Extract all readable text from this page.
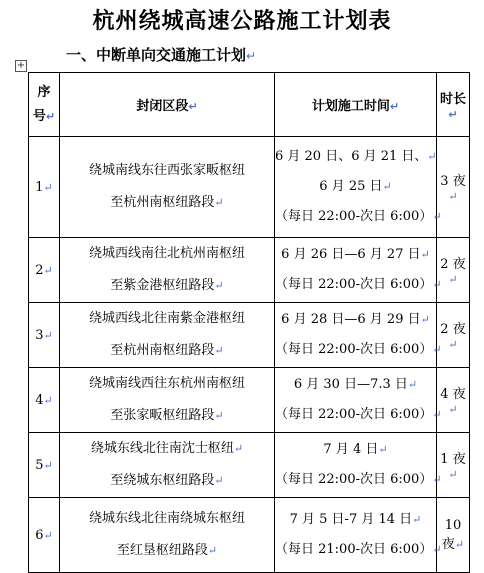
杭州绕城高速公路施工计划表
一、中断单向交通施工计划↵
+
序
号↵	封闭区段↵	计划施工时间↵	时长↵
1↵	绕城南线东往西张家畈枢纽
至杭州南枢纽路段↵	6 月 20 日、6 月 21 日、↵
6 月 25 日↵
（每日 22:00-次日 6:00）↵	3 夜↵
2↵	绕城西线南往北杭州南枢纽
至紫金港枢纽路段↵	6 月 26 日—6 月 27 日↵
（每日 22:00-次日 6:00）↵	2 夜↵
3↵	绕城西线北往南紫金港枢纽
至杭州南枢纽路段↵	6 月 28 日—6 月 29 日↵
（每日 22:00-次日 6:00）↵	2 夜↵
4↵	绕城南线西往东杭州南枢纽
至张家畈枢纽路段↵	6 月 30 日—7.3 日↵
（每日 22:00-次日 6:00）↵	4 夜↵
5↵	绕城东线北往南沈士枢纽↵
至绕城东枢纽路段↵	7 月 4 日↵
（每日 22:00-次日 6:00）↵	1 夜↵
6↵	绕城东线北往南绕城东枢纽
至红垦枢纽路段↵	7 月 5 日-7 月 14 日↵
（每日 21:00-次日 6:00）↵	10 夜↵
